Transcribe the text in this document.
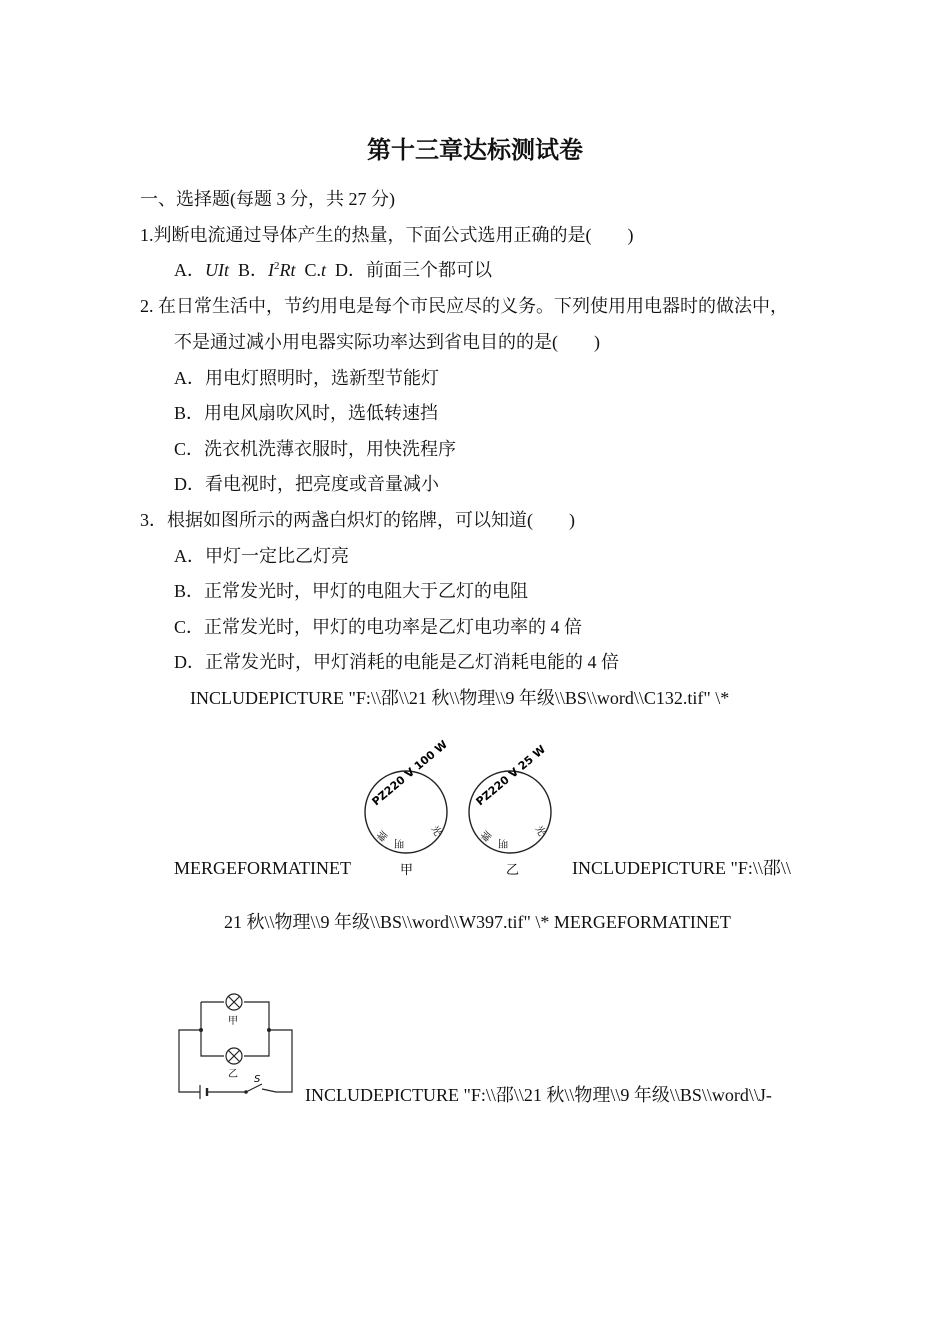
第十三章达标测试卷
一、选择题(每题 3 分，共 27 分)
1.判断电流通过导体产生的热量，下面公式选用正确的是(　　)
A．UIt B．$I^2Rt$ C.t D．前面三个都可以
2. 在日常生活中，节约用电是每个市民应尽的义务。下列使用用电器时的做法中，
不是通过减小用电器实际功率达到省电目的的是(　　)
A．用电灯照明时，选新型节能灯
B．用电风扇吹风时，选低转速挡
C．洗衣机洗薄衣服时，用快洗程序
D．看电视时，把亮度或音量减小
3．根据如图所示的两盏白炽灯的铭牌，可以知道(　　)
A．甲灯一定比乙灯亮
B．正常发光时，甲灯的电阻大于乙灯的电阻
C．正常发光时，甲灯的电功率是乙灯电功率的 4 倍
D．正常发光时，甲灯消耗的电能是乙灯消耗电能的 4 倍
INCLUDEPICTURE "F:\\邵\\21 秋\\物理\\9 年级\\BS\\word\\C132.tif" \*
MERGEFORMATINET	INCLUDEPICTURE "F:\\邵\\
21 秋\\物理\\9 年级\\BS\\word\\W397.tif" \* MERGEFORMATINET
INCLUDEPICTURE "F:\\邵\\21 秋\\物理\\9 年级\\BS\\word\\J-
PZ220 V 100 W
光
明
牌
甲
PZ220 V 25 W
光
明
牌
乙
甲
乙 S
